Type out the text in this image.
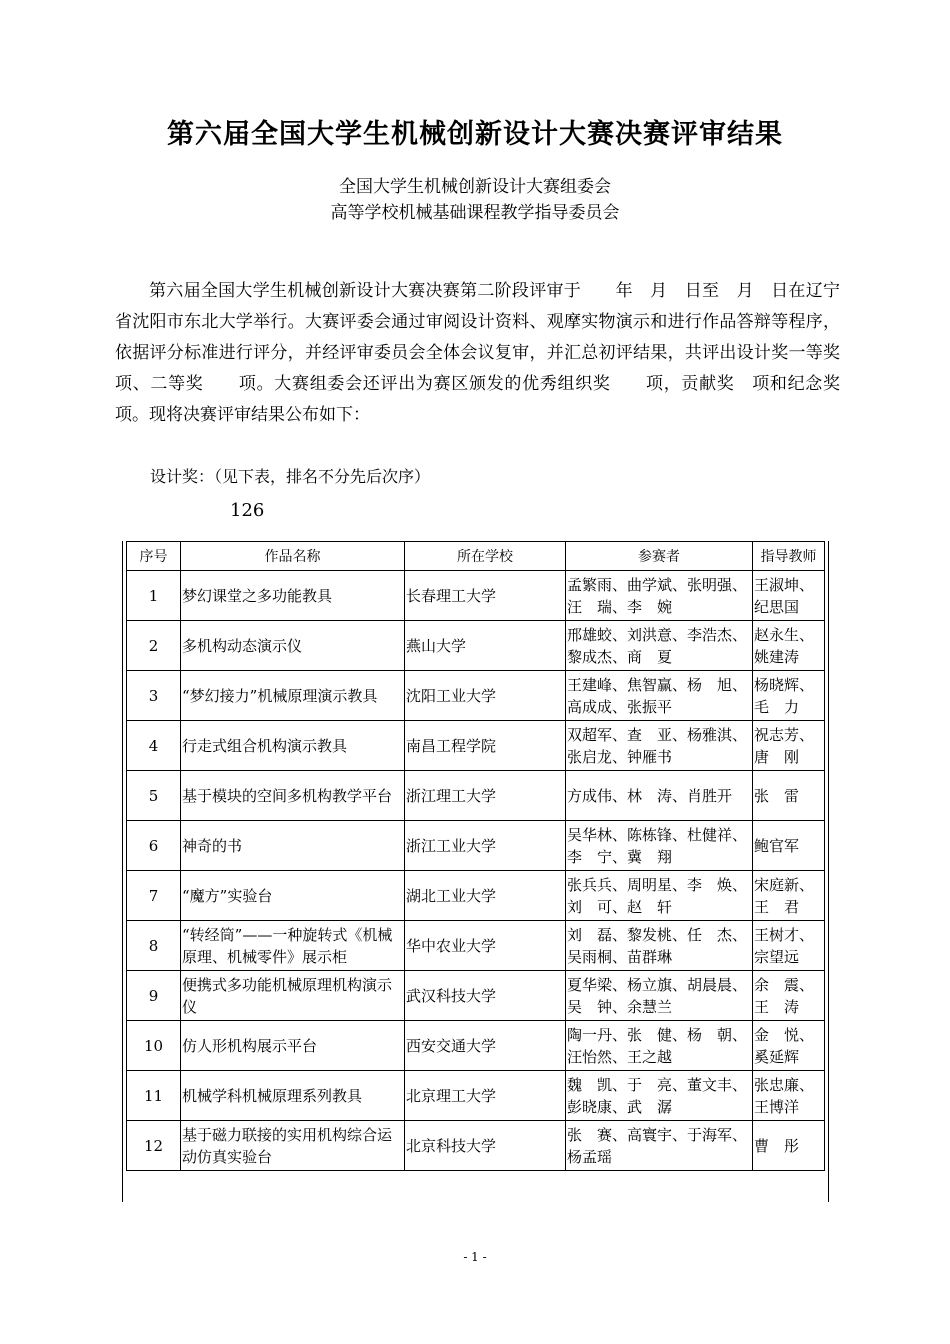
第六届全国大学生机械创新设计大赛决赛评审结果
全国大学生机械创新设计大赛组委会
高等学校机械基础课程教学指导委员会

第六届全国大学生机械创新设计大赛决赛第二阶段评审于　　年　月　日至　月　日在辽宁省沈阳市东北大学举行。大赛评委会通过审阅设计资料、观摩实物演示和进行作品答辩等程序，依据评分标准进行评分，并经评审委员会全体会议复审，并汇总初评结果，共评出设计奖一等奖　　项、二等奖　　项。大赛组委会还评出为赛区颁发的优秀组织奖　　项，贡献奖　项和纪念奖　项。现将决赛评审结果公布如下：

设计奖：（见下表，排名不分先后次序）
126
序号	作品名称	所在学校	参赛者	指导教师
1	梦幻课堂之多功能教具	长春理工大学	孟繁雨、曲学斌、张明强、汪　瑞、李　婉	王淑坤、纪思国
2	多机构动态演示仪	燕山大学	邢雄蛟、刘洪意、李浩杰、黎成杰、商　夏	赵永生、姚建涛
3	“梦幻接力”机械原理演示教具	沈阳工业大学	王建峰、焦智赢、杨　旭、高成成、张振平	杨晓辉、毛　力
4	行走式组合机构演示教具	南昌工程学院	双超军、查　亚、杨雅淇、张启龙、钟雁书	祝志芳、唐　刚
5	基于模块的空间多机构教学平台	浙江理工大学	方成伟、林　涛、肖胜开	张　雷
6	神奇的书	浙江工业大学	吴华林、陈栋锋、杜健祥、李　宁、冀　翔	鲍官军
7	“魔方”实验台	湖北工业大学	张兵兵、周明星、李　焕、刘　可、赵　轩	宋庭新、王　君
8	“转经筒”——一种旋转式《机械原理、机械零件》展示柜	华中农业大学	刘　磊、黎发桃、任　杰、吴雨桐、苗群琳	王树才、宗望远
9	便携式多功能机械原理机构演示仪	武汉科技大学	夏华梁、杨立旗、胡晨晨、吴　钟、余慧兰	余　震、王　涛
10	仿人形机构展示平台	西安交通大学	陶一丹、张　健、杨　朝、汪怡然、王之越	金　悦、奚延辉
11	机械学科机械原理系列教具	北京理工大学	魏　凯、于　亮、董文丰、彭晓康、武　潺	张忠廉、王博洋
12	基于磁力联接的实用机构综合运动仿真实验台	北京科技大学	张　赛、高寰宇、于海军、杨孟瑶	曹　彤
- 1 -
